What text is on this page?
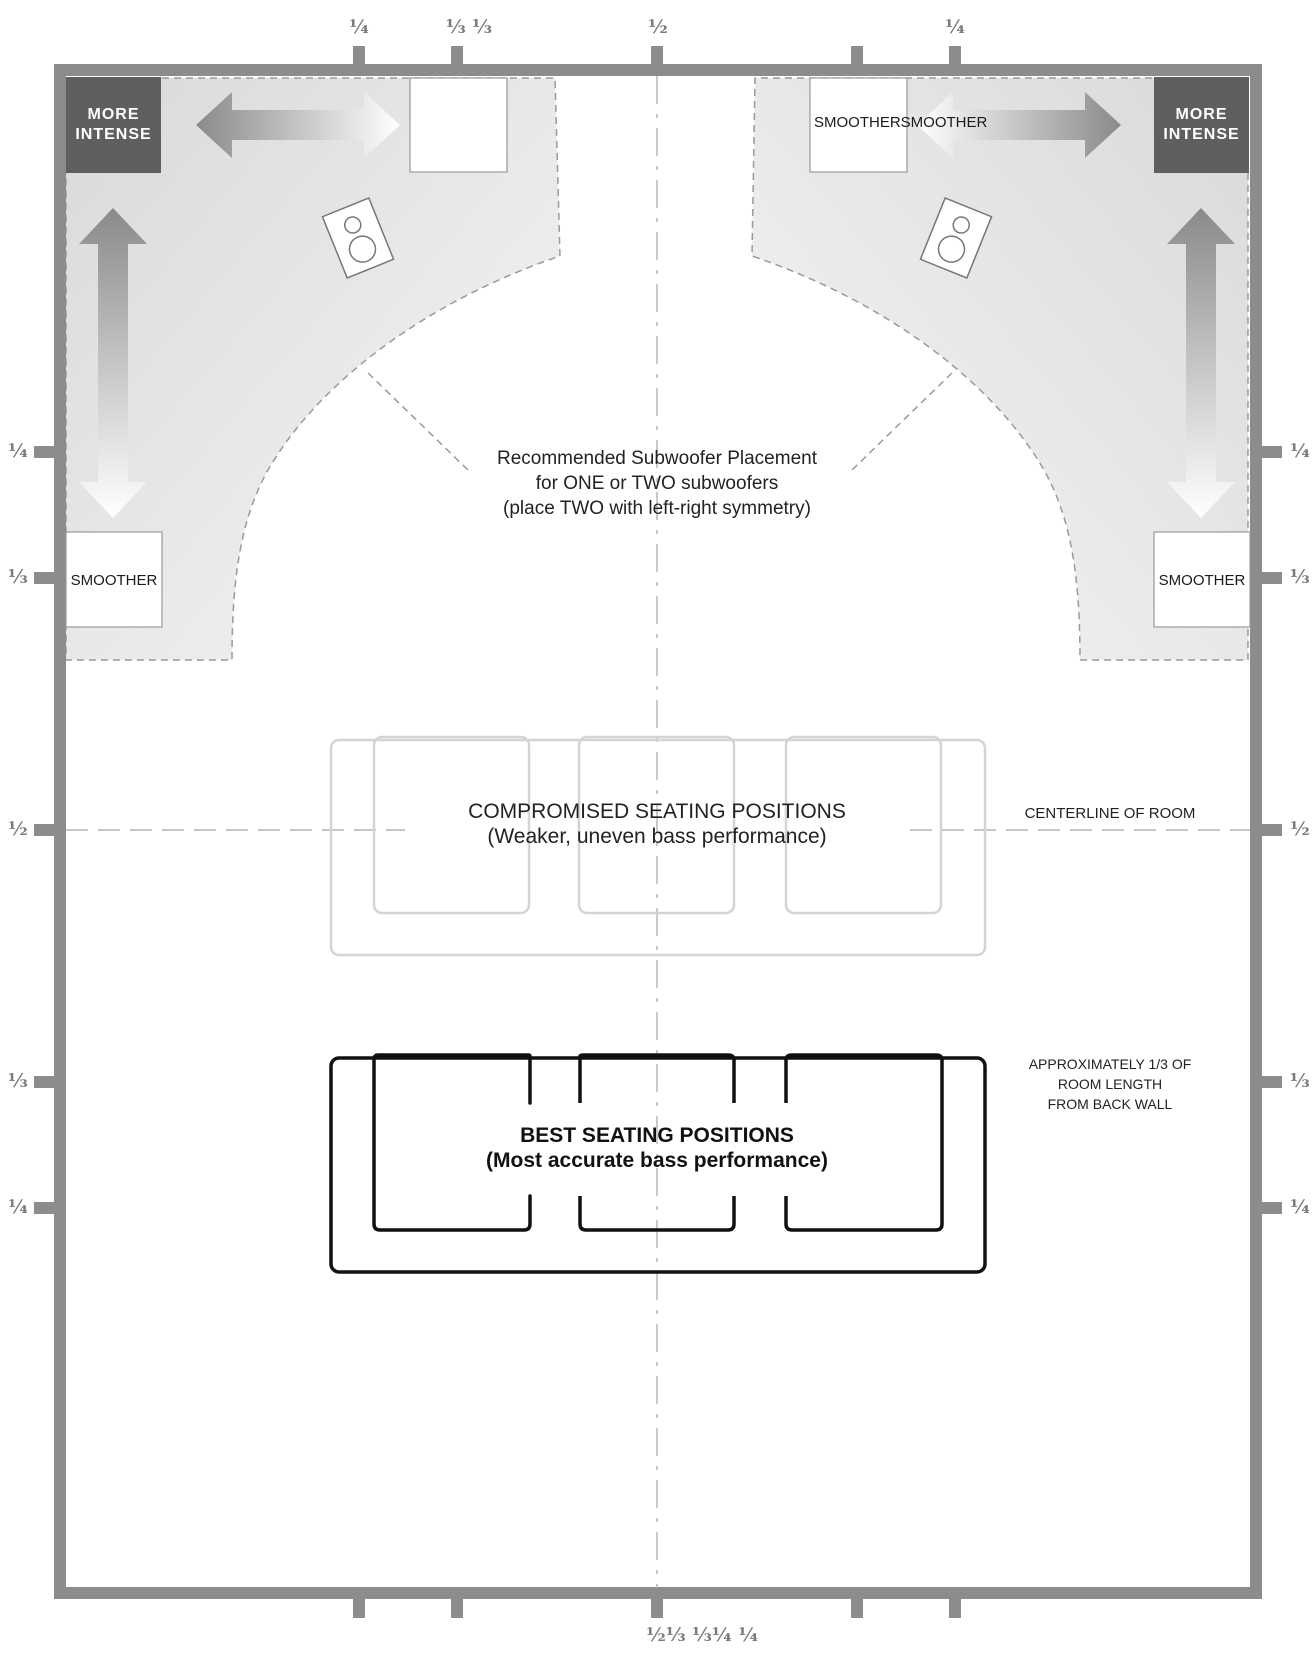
¼	⅓ ⅓	½	¼
¼
⅓
½
⅓
¼
¼
⅓
½
⅓
¼
½⅓ ⅓¼ ¼
MORE
INTENSE
MORE
INTENSE
SMOOTHER	SMOOTHER
SMOOTHERSMOOTHER
Recommended Subwoofer Placement
for ONE or TWO subwoofers
(place TWO with left-right symmetry)
COMPROMISED SEATING POSITIONS
(Weaker, uneven bass performance)
BEST SEATING POSITIONS
(Most accurate bass performance)
CENTERLINE OF ROOM
APPROXIMATELY 1/3 OF
ROOM LENGTH
FROM BACK WALL
